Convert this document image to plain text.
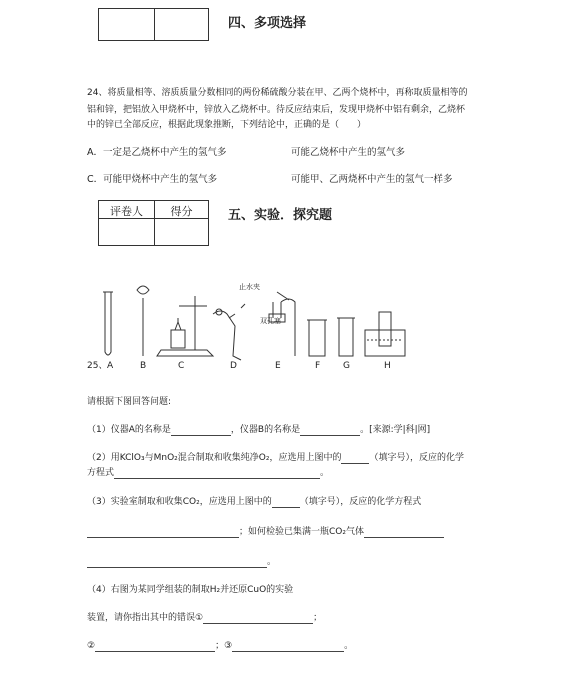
四、多项选择
24、将质量相等、溶质质量分数相同的两份稀硫酸分装在甲、乙两个烧杯中，再称取质量相等的
铝和锌，把铝放入甲烧杯中，锌放入乙烧杯中。待反应结束后，发现甲烧杯中铝有剩余，乙烧杯
中的锌已全部反应，根据此现象推断，下列结论中，正确的是（　　）
A．一定是乙烧杯中产生的氢气多	可能乙烧杯中产生的氢气多
C．可能甲烧杯中产生的氢气多	可能甲、乙两烧杯中产生的氢气一样多
评卷人	得分	五、实验．探究题
止水夹
双孔塞
25、 A	B	C	D	E	F	G	H
请根据下图回答问题:
（1）仪器A的名称是	，仪器B的名称是	。[来源:学|科|网]
（2）用KClO₃与MnO₂混合制取和收集纯净O₂，应选用上图中的	（填字号），反应的化学
方程式	。
（3）实验室制取和收集CO₂，应选用上图中的	（填字号），反应的化学方程式
；如何检验已集满一瓶CO₂气体
。
（4）右图为某同学组装的制取H₂并还原CuO的实验
装置，请你指出其中的错误①	；
②	；③	。
